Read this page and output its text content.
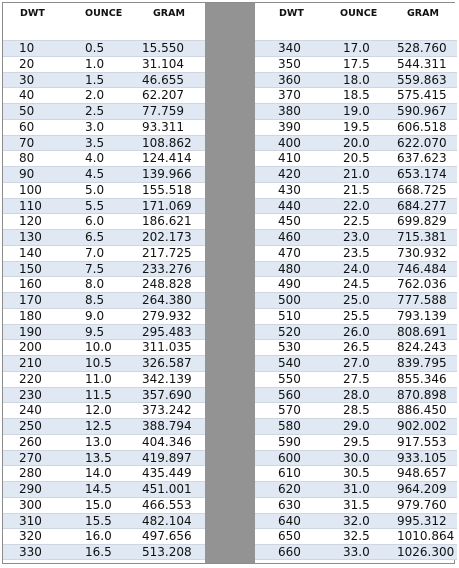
DWT	OUNCE	GRAM
10	0.5	15.550
20	1.0	31.104
30	1.5	46.655
40	2.0	62.207
50	2.5	77.759
60	3.0	93.311
70	3.5	108.862
80	4.0	124.414
90	4.5	139.966
100	5.0	155.518
110	5.5	171.069
120	6.0	186.621
130	6.5	202.173
140	7.0	217.725
150	7.5	233.276
160	8.0	248.828
170	8.5	264.380
180	9.0	279.932
190	9.5	295.483
200	10.0	311.035
210	10.5	326.587
220	11.0	342.139
230	11.5	357.690
240	12.0	373.242
250	12.5	388.794
260	13.0	404.346
270	13.5	419.897
280	14.0	435.449
290	14.5	451.001
300	15.0	466.553
310	15.5	482.104
320	16.0	497.656
330	16.5	513.208
DWT	OUNCE	GRAM
340	17.0 528.760
350	17.5 544.311
360	18.0 559.863
370	18.5 575.415
380	19.0 590.967
390	19.5 606.518
400	20.0 622.070
410	20.5 637.623
420	21.0 653.174
430	21.5 668.725
440	22.0 684.277
450	22.5 699.829
460	23.0 715.381
470	23.5 730.932
480	24.0 746.484
490	24.5 762.036
500	25.0 777.588
510	25.5 793.139
520	26.0 808.691
530	26.5 824.243
540	27.0 839.795
550	27.5 855.346
560	28.0 870.898
570	28.5 886.450
580	29.0 902.002
590	29.5 917.553
600	30.0 933.105
610	30.5 948.657
620	31.0 964.209
630	31.5 979.760
640	32.0 995.312
650	32.5 1010.864
660	33.0 1026.300
